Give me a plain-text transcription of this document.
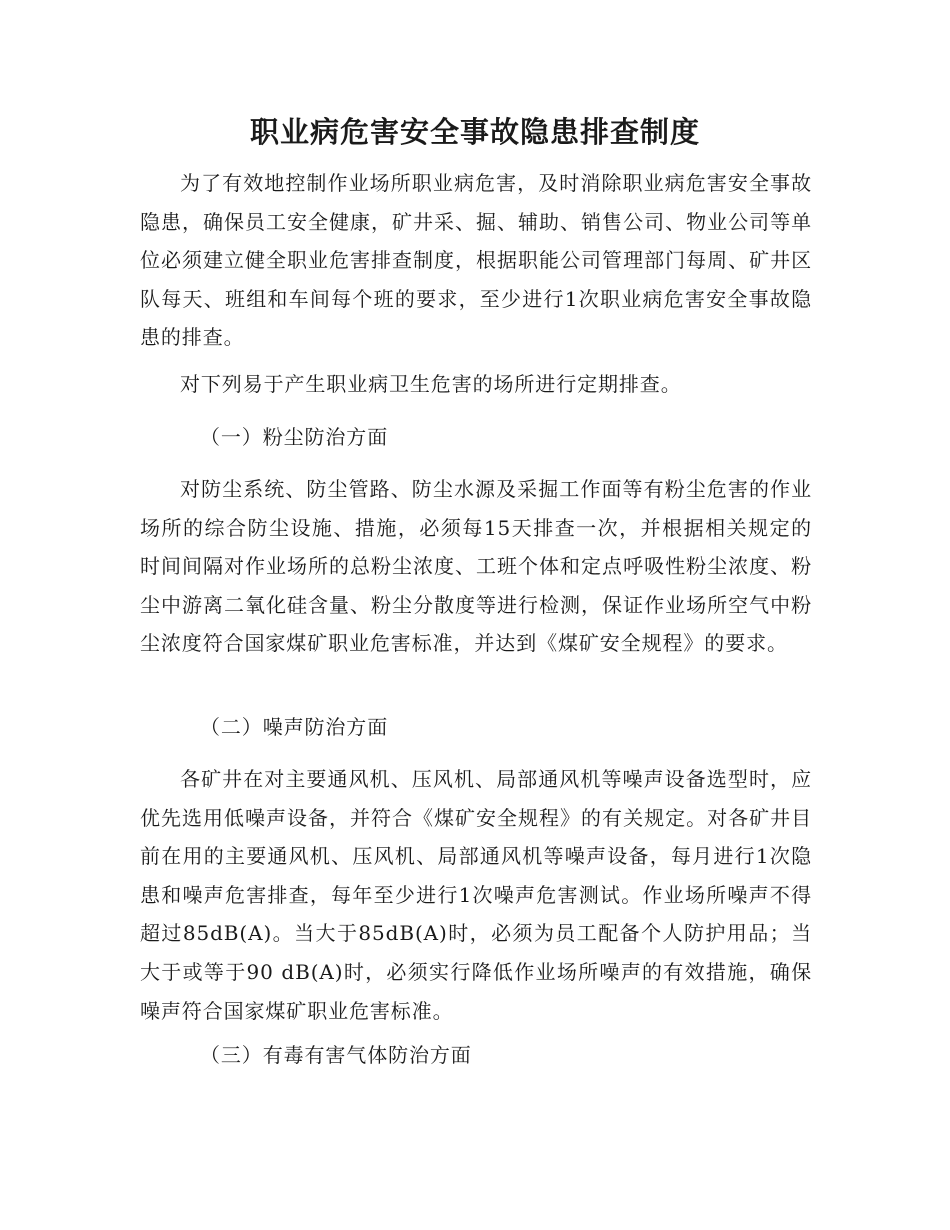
职业病危害安全事故隐患排查制度

为了有效地控制作业场所职业病危害，及时消除职业病危害安全事故隐患，确保员工安全健康，矿井采、掘、辅助、销售公司、物业公司等单位必须建立健全职业危害排查制度，根据职能公司管理部门每周、矿井区队每天、班组和车间每个班的要求，至少进行1次职业病危害安全事故隐患的排查。

对下列易于产生职业病卫生危害的场所进行定期排查。

（一）粉尘防治方面

对防尘系统、防尘管路、防尘水源及采掘工作面等有粉尘危害的作业场所的综合防尘设施、措施，必须每15天排查一次，并根据相关规定的时间间隔对作业场所的总粉尘浓度、工班个体和定点呼吸性粉尘浓度、粉尘中游离二氧化硅含量、粉尘分散度等进行检测，保证作业场所空气中粉尘浓度符合国家煤矿职业危害标准，并达到《煤矿安全规程》的要求。

（二）噪声防治方面

各矿井在对主要通风机、压风机、局部通风机等噪声设备选型时，应优先选用低噪声设备，并符合《煤矿安全规程》的有关规定。对各矿井目前在用的主要通风机、压风机、局部通风机等噪声设备，每月进行1次隐患和噪声危害排查，每年至少进行1次噪声危害测试。作业场所噪声不得超过85dB(A)。当大于85dB(A)时，必须为员工配备个人防护用品；当大于或等于90 dB(A)时，必须实行降低作业场所噪声的有效措施，确保噪声符合国家煤矿职业危害标准。

（三）有毒有害气体防治方面
